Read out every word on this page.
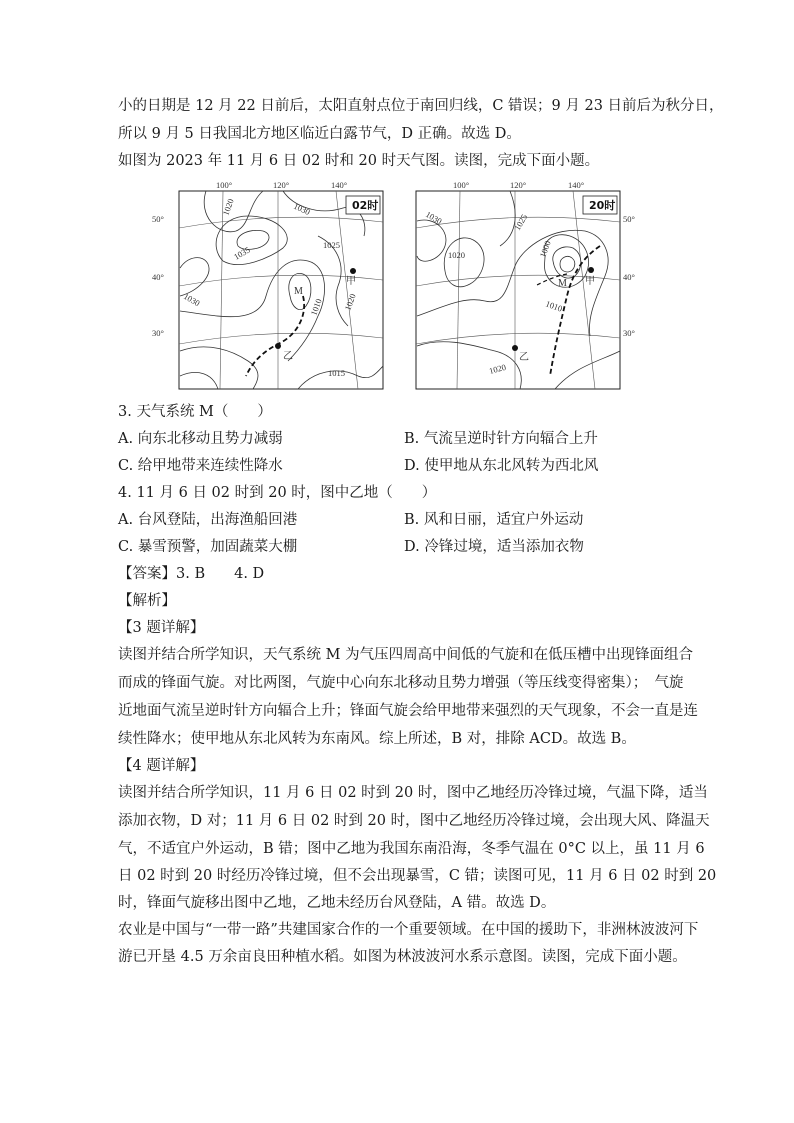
小的日期是 12 月 22 日前后，太阳直射点位于南回归线，C 错误；9 月 23 日前后为秋分日，
所以 9 月 5 日我国北方地区临近白露节气，D 正确。故选 D。
如图为 2023 年 11 月 6 日 02 时和 20 时天气图。读图，完成下面小题。
100°	120°	140°
50°
40°
30°
1020	1030
1035	1025
1030	1010 1020
1015
M
甲
乙
02时
100°	120°	140°
50°
40°
30°
1030	1025
1020	1000
1010
1020
M 甲
乙
20时
3. 天气系统 M（　　）
A. 向东北移动且势力减弱	B. 气流呈逆时针方向辐合上升
C. 给甲地带来连续性降水	D. 使甲地从东北风转为西北风
4. 11 月 6 日 02 时到 20 时，图中乙地（　　）
A. 台风登陆，出海渔船回港	B. 风和日丽，适宜户外运动
C. 暴雪预警，加固蔬菜大棚	D. 冷锋过境，适当添加衣物
【答案】3. B　　4. D
【解析】
【3 题详解】
读图并结合所学知识，天气系统 M 为气压四周高中间低的气旋和在低压槽中出现锋面组合
而成的锋面气旋。对比两图，气旋中心向东北移动且势力增强（等压线变得密集）；　气旋
近地面气流呈逆时针方向辐合上升；锋面气旋会给甲地带来强烈的天气现象，不会一直是连
续性降水；使甲地从东北风转为东南风。综上所述，B 对，排除 ACD。故选 B。
【4 题详解】
读图并结合所学知识，11 月 6 日 02 时到 20 时，图中乙地经历冷锋过境，气温下降，适当
添加衣物，D 对；11 月 6 日 02 时到 20 时，图中乙地经历冷锋过境，会出现大风、降温天
气，不适宜户外运动，B 错；图中乙地为我国东南沿海，冬季气温在 0°C 以上，虽 11 月 6
日 02 时到 20 时经历冷锋过境，但不会出现暴雪，C 错；读图可见，11 月 6 日 02 时到 20
时，锋面气旋移出图中乙地，乙地未经历台风登陆，A 错。故选 D。
农业是中国与“一带一路”共建国家合作的一个重要领域。在中国的援助下，非洲林波波河下
游已开垦 4.5 万余亩良田种植水稻。如图为林波波河水系示意图。读图，完成下面小题。
